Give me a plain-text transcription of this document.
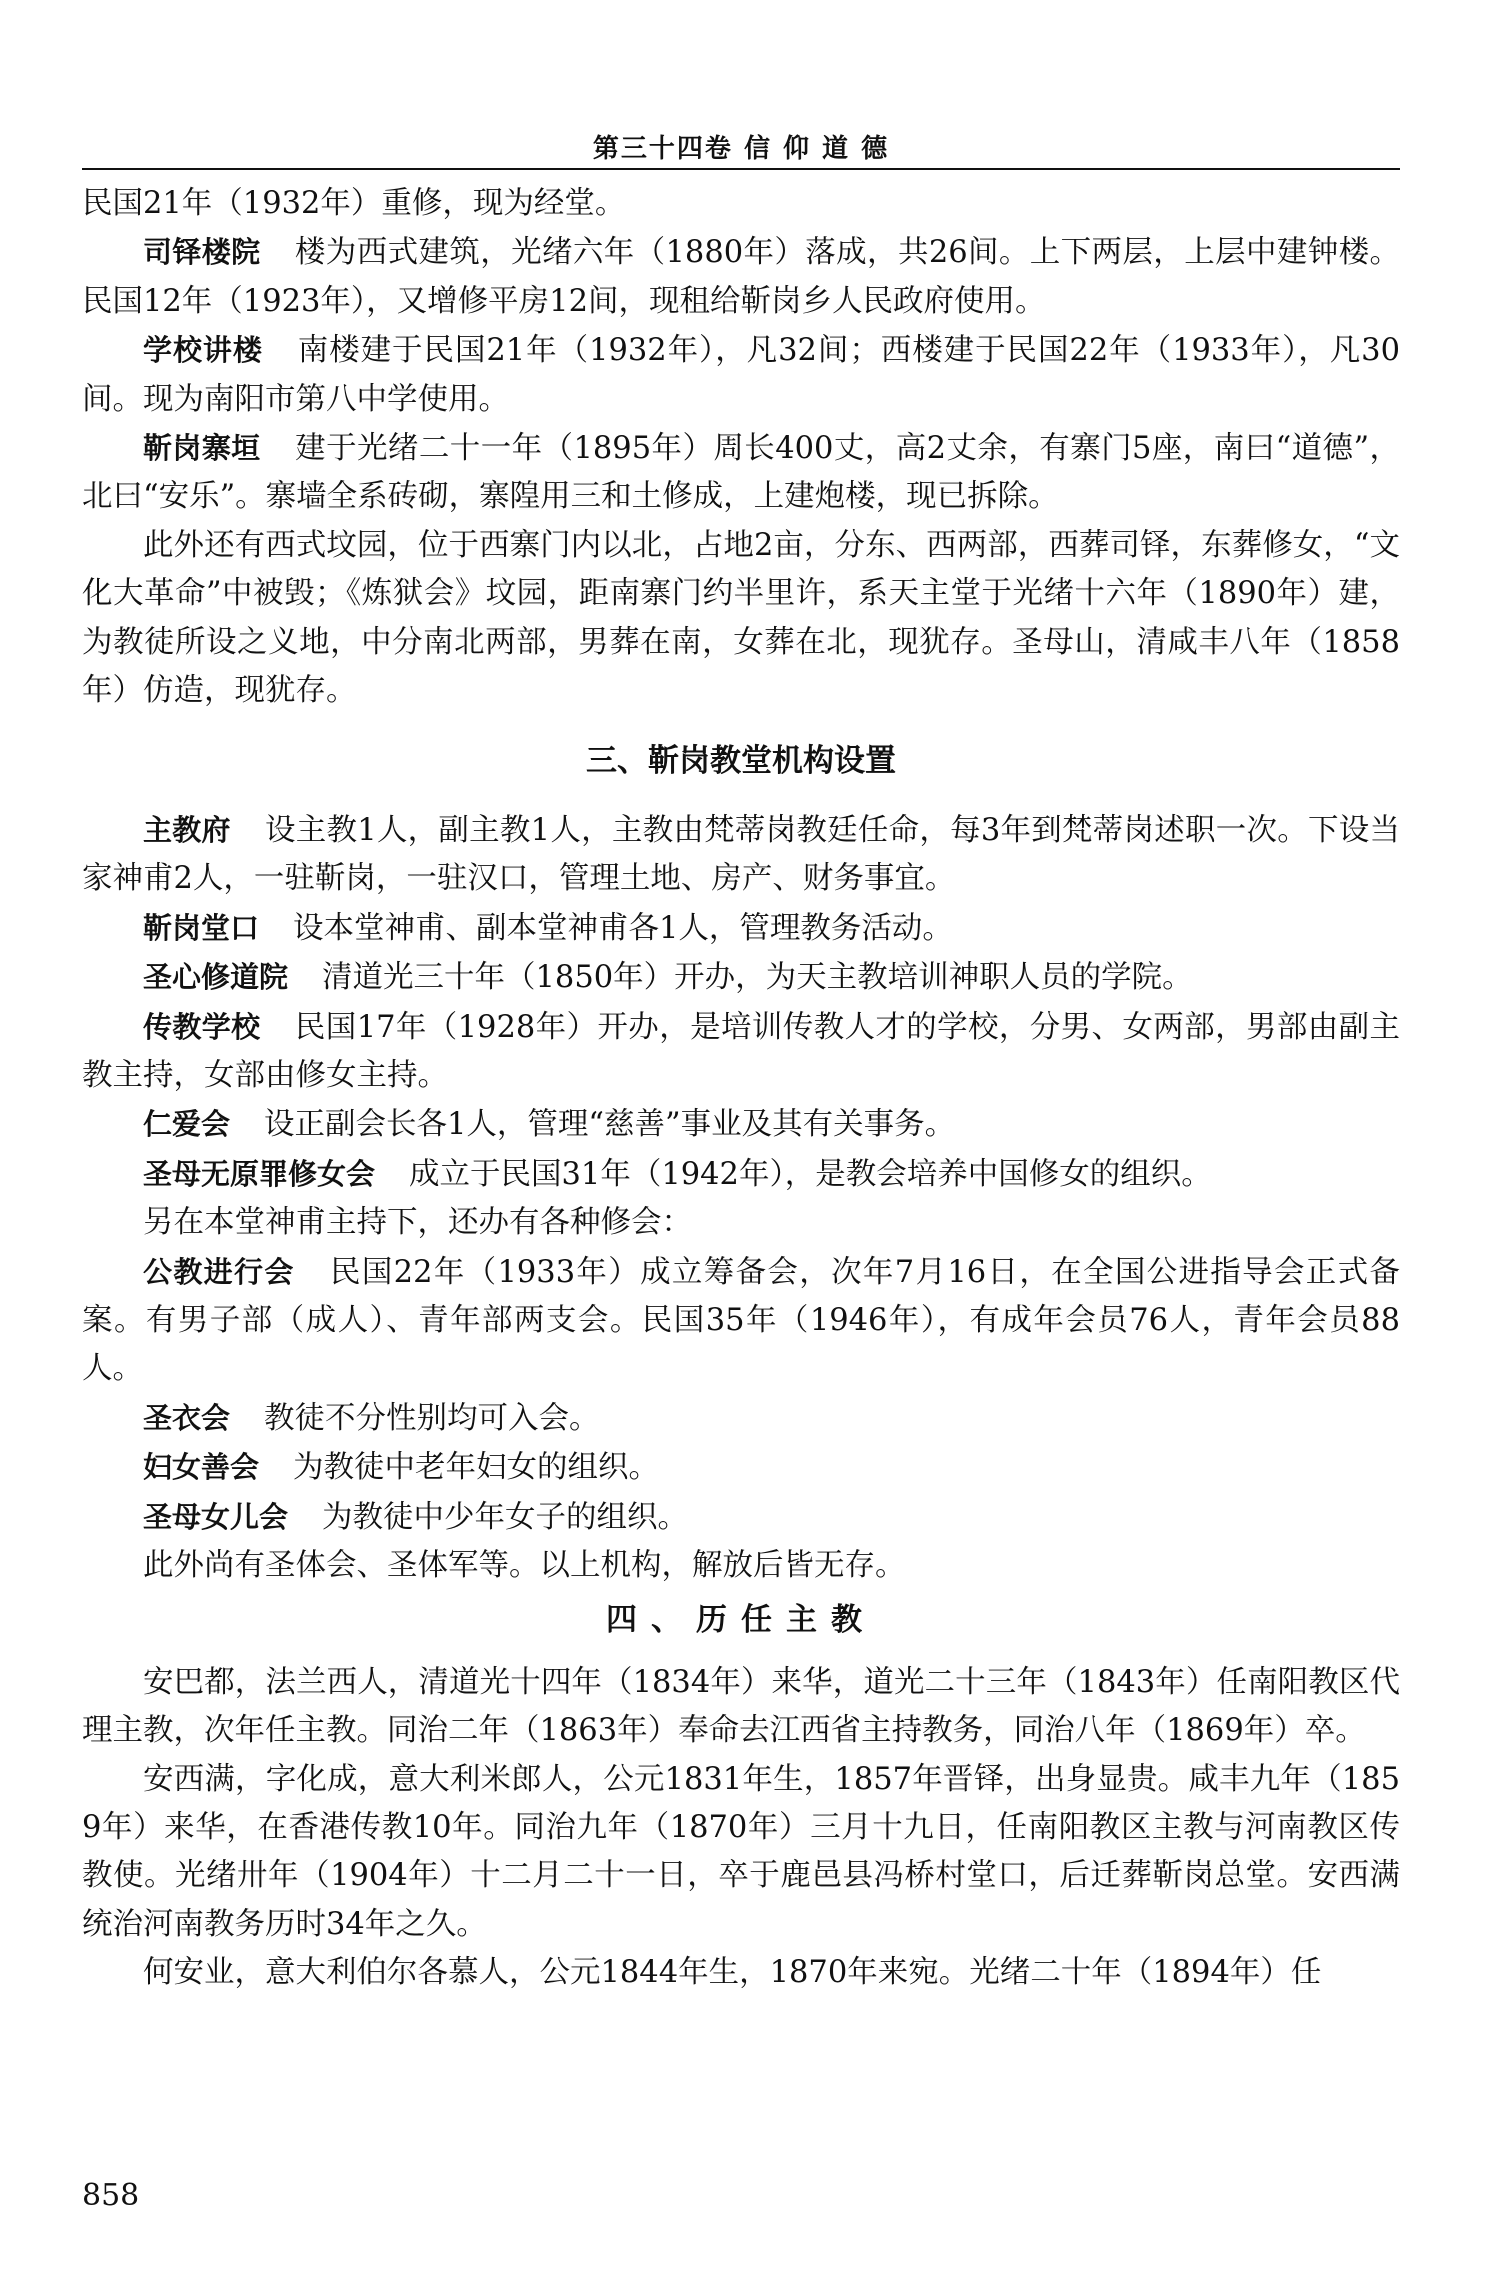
第三十四卷 信 仰 道 德

民国21年（1932年）重修，现为经堂。

司铎楼院 楼为西式建筑，光绪六年（1880年）落成，共26间。上下两层，上层中建钟楼。民国12年（1923年），又增修平房12间，现租给靳岗乡人民政府使用。

学校讲楼 南楼建于民国21年（1932年），凡32间；西楼建于民国22年（1933年），凡30间。现为南阳市第八中学使用。

靳岗寨垣 建于光绪二十一年（1895年）周长400丈，高2丈余，有寨门5座，南曰“道德”，北曰“安乐”。寨墙全系砖砌，寨隍用三和土修成，上建炮楼，现已拆除。

此外还有西式坟园，位于西寨门内以北，占地2亩，分东、西两部，西葬司铎，东葬修女，“文化大革命”中被毁；《炼狱会》坟园，距南寨门约半里许，系天主堂于光绪十六年（1890年）建，为教徒所设之义地，中分南北两部，男葬在南，女葬在北，现犹存。圣母山，清咸丰八年（1858年）仿造，现犹存。

三、靳岗教堂机构设置

主教府 设主教1人，副主教1人，主教由梵蒂岗教廷任命，每3年到梵蒂岗述职一次。下设当家神甫2人，一驻靳岗，一驻汉口，管理土地、房产、财务事宜。

靳岗堂口 设本堂神甫、副本堂神甫各1人，管理教务活动。

圣心修道院 清道光三十年（1850年）开办，为天主教培训神职人员的学院。

传教学校 民国17年（1928年）开办，是培训传教人才的学校，分男、女两部，男部由副主教主持，女部由修女主持。

仁爱会 设正副会长各1人，管理“慈善”事业及其有关事务。

圣母无原罪修女会 成立于民国31年（1942年），是教会培养中国修女的组织。

另在本堂神甫主持下，还办有各种修会：

公教进行会 民国22年（1933年）成立筹备会，次年7月16日，在全国公进指导会正式备案。有男子部（成人）、青年部两支会。民国35年（1946年），有成年会员76人，青年会员88人。

圣衣会 教徒不分性别均可入会。

妇女善会 为教徒中老年妇女的组织。

圣母女儿会 为教徒中少年女子的组织。

此外尚有圣体会、圣体军等。以上机构，解放后皆无存。

四、历任主教

安巴都，法兰西人，清道光十四年（1834年）来华，道光二十三年（1843年）任南阳教区代理主教，次年任主教。同治二年（1863年）奉命去江西省主持教务，同治八年（1869年）卒。

安西满，字化成，意大利米郎人，公元1831年生，1857年晋铎，出身显贵。咸丰九年（1859年）来华，在香港传教10年。同治九年（1870年）三月十九日，任南阳教区主教与河南教区传教使。光绪卅年（1904年）十二月二十一日，卒于鹿邑县冯桥村堂口，后迁葬靳岗总堂。安西满统治河南教务历时34年之久。

何安业，意大利伯尔各慕人，公元1844年生，1870年来宛。光绪二十年（1894年）任

858
